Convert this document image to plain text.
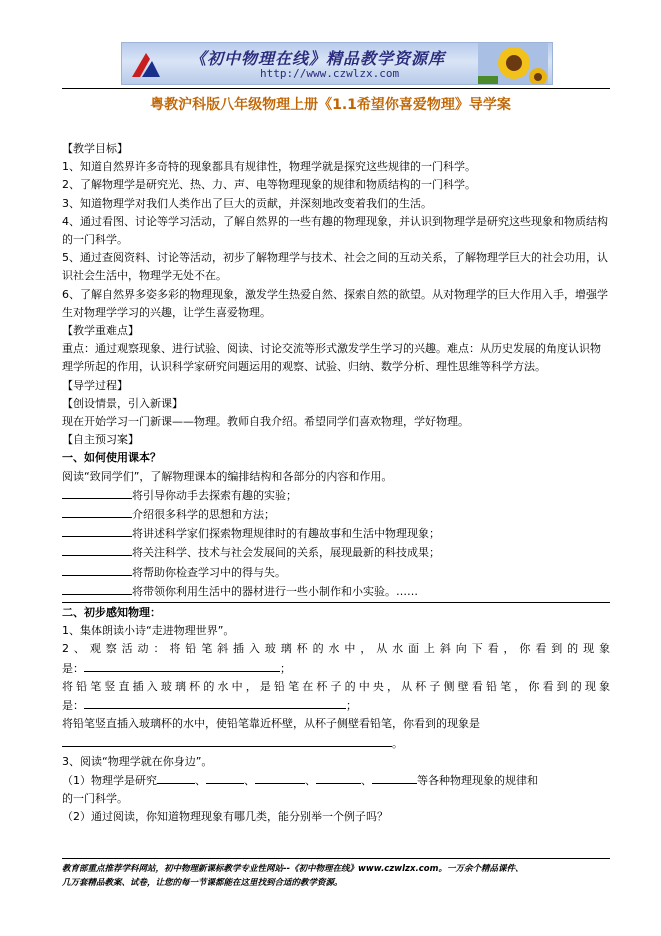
《初中物理在线》精品教学资源库
http://www.czwlzx.com
粤教沪科版八年级物理上册《1.1希望你喜爱物理》导学案

【教学目标】

1、知道自然界许多奇特的现象都具有规律性，物理学就是探究这些规律的一门科学。

2、了解物理学是研究光、热、力、声、电等物理现象的规律和物质结构的一门科学。

3、知道物理学对我们人类作出了巨大的贡献，并深刻地改变着我们的生活。

4、通过看图、讨论等学习活动，了解自然界的一些有趣的物理现象，并认识到物理学是研究这些现象和物质结构的一门科学。

5、通过查阅资料、讨论等活动，初步了解物理学与技术、社会之间的互动关系，了解物理学巨大的社会功用，认识社会生活中，物理学无处不在。

6、了解自然界多姿多彩的物理现象，激发学生热爱自然、探索自然的欲望。从对物理学的巨大作用入手，增强学生对物理学学习的兴趣，让学生喜爱物理。

【教学重难点】

重点：通过观察现象、进行试验、阅读、讨论交流等形式激发学生学习的兴趣。难点：从历史发展的角度认识物理学所起的作用，认识科学家研究问题运用的观察、试验、归纳、数学分析、理性思维等科学方法。

【导学过程】

【创设情景，引入新课】

现在开始学习一门新课——物理。教师自我介绍。希望同学们喜欢物理，学好物理。

【自主预习案】

一、如何使用课本？

阅读“致同学们”，了解物理课本的编排结构和各部分的内容和作用。

将引导你动手去探索有趣的实验；

介绍很多科学的思想和方法；

将讲述科学家们探索物理规律时的有趣故事和生活中物理现象；

将关注科学、技术与社会发展间的关系，展现最新的科技成果；

将帮助你检查学习中的得与失。

将带领你利用生活中的器材进行一些小制作和小实验。……

二、初步感知物理：

1、集体朗读小诗“走进物理世界”。

2、观察活动：将铅笔斜插入玻璃杯的水中，从水面上斜向下看，你看到的现象

是：	；

将铅笔竖直插入玻璃杯的水中，是铅笔在杯子的中央，从杯子侧壁看铅笔，你看到的现象

是：	；

将铅笔竖直插入玻璃杯的水中，使铅笔靠近杯壁，从杯子侧壁看铅笔，你看到的现象是

。

3、阅读“物理学就在你身边”。

（1）物理学是研究	、	、	、	、	等各种物理现象的规律和

的一门科学。

（2）通过阅读，你知道物理现象有哪几类，能分别举一个例子吗？

教育部重点推荐学科网站，初中物理新课标教学专业性网站--《初中物理在线》www.czwlzx.com。一万余个精品课件、
几万套精品教案、试卷，让您的每一节课都能在这里找到合适的教学资源。
